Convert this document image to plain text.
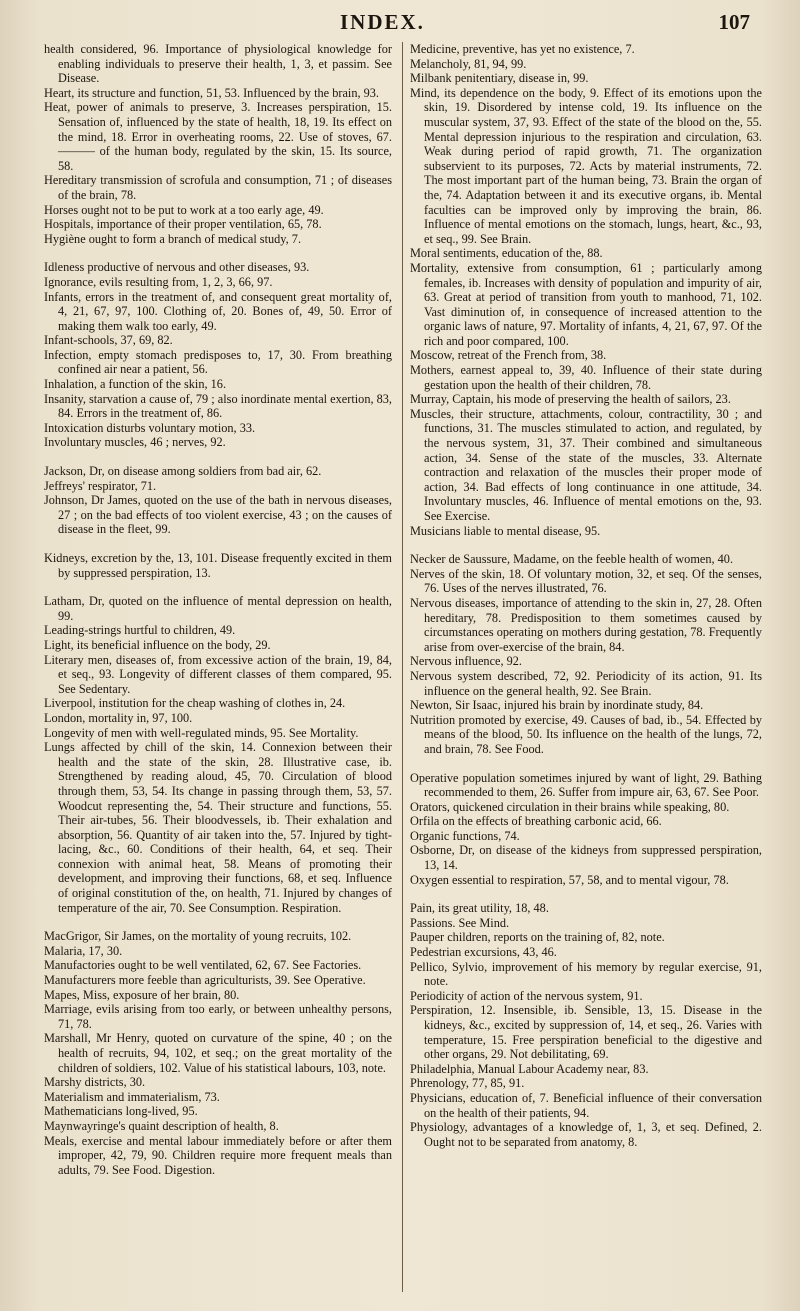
INDEX.	107
health considered, 96. Importance of physiological knowledge for enabling individuals to preserve their health, 1, 3, et passim. See Disease.
Heart, its structure and function, 51, 53. Influenced by the brain, 93.
Heat, power of animals to preserve, 3. Increases perspiration, 15. Sensation of, influenced by the state of health, 18, 19. Its effect on the mind, 18. Error in overheating rooms, 22. Use of stoves, 67. ——— of the human body, regulated by the skin, 15. Its source, 58.
Hereditary transmission of scrofula and consumption, 71 ; of diseases of the brain, 78.
Horses ought not to be put to work at a too early age, 49.
Hospitals, importance of their proper ventilation, 65, 78.
Hygiène ought to form a branch of medical study, 7.
Idleness productive of nervous and other diseases, 93.
Ignorance, evils resulting from, 1, 2, 3, 66, 97.
Infants, errors in the treatment of, and consequent great mortality of, 4, 21, 67, 97, 100. Clothing of, 20. Bones of, 49, 50. Error of making them walk too early, 49.
Infant-schools, 37, 69, 82.
Infection, empty stomach predisposes to, 17, 30. From breathing confined air near a patient, 56.
Inhalation, a function of the skin, 16.
Insanity, starvation a cause of, 79 ; also inordinate mental exertion, 83, 84. Errors in the treatment of, 86.
Intoxication disturbs voluntary motion, 33.
Involuntary muscles, 46 ; nerves, 92.
Jackson, Dr, on disease among soldiers from bad air, 62.
Jeffreys' respirator, 71.
Johnson, Dr James, quoted on the use of the bath in nervous diseases, 27 ; on the bad effects of too violent exercise, 43 ; on the causes of disease in the fleet, 99.
Kidneys, excretion by the, 13, 101. Disease frequently excited in them by suppressed perspiration, 13.
Latham, Dr, quoted on the influence of mental depression on health, 99.
Leading-strings hurtful to children, 49.
Light, its beneficial influence on the body, 29.
Literary men, diseases of, from excessive action of the brain, 19, 84, et seq., 93. Longevity of different classes of them compared, 95. See Sedentary.
Liverpool, institution for the cheap washing of clothes in, 24.
London, mortality in, 97, 100.
Longevity of men with well-regulated minds, 95. See Mortality.
Lungs affected by chill of the skin, 14. Connexion between their health and the state of the skin, 28. Illustrative case, ib. Strengthened by reading aloud, 45, 70. Circulation of blood through them, 53, 54. Its change in passing through them, 53, 57. Woodcut representing the, 54. Their structure and functions, 55. Their air-tubes, 56. Their bloodvessels, ib. Their exhalation and absorption, 56. Quantity of air taken into the, 57. Injured by tight-lacing, &c., 60. Conditions of their health, 64, et seq. Their connexion with animal heat, 58. Means of promoting their development, and improving their functions, 68, et seq. Influence of original constitution of the, on health, 71. Injured by changes of temperature of the air, 70. See Consumption. Respiration.
MacGrigor, Sir James, on the mortality of young recruits, 102.
Malaria, 17, 30.
Manufactories ought to be well ventilated, 62, 67. See Factories.
Manufacturers more feeble than agriculturists, 39. See Operative.
Mapes, Miss, exposure of her brain, 80.
Marriage, evils arising from too early, or between unhealthy persons, 71, 78.
Marshall, Mr Henry, quoted on curvature of the spine, 40 ; on the health of recruits, 94, 102, et seq.; on the great mortality of the children of soldiers, 102. Value of his statistical labours, 103, note.
Marshy districts, 30.
Materialism and immaterialism, 73.
Mathematicians long-lived, 95.
Maynwayringe's quaint description of health, 8.
Meals, exercise and mental labour immediately before or after them improper, 42, 79, 90. Children require more frequent meals than adults, 79. See Food. Digestion.
Medicine, preventive, has yet no existence, 7.
Melancholy, 81, 94, 99.
Milbank penitentiary, disease in, 99.
Mind, its dependence on the body, 9. Effect of its emotions upon the skin, 19. Disordered by intense cold, 19. Its influence on the muscular system, 37, 93. Effect of the state of the blood on the, 55. Mental depression injurious to the respiration and circulation, 63. Weak during period of rapid growth, 71. The organization subservient to its purposes, 72. Acts by material instruments, 72. The most important part of the human being, 73. Brain the organ of the, 74. Adaptation between it and its executive organs, ib. Mental faculties can be improved only by improving the brain, 86. Influence of mental emotions on the stomach, lungs, heart, &c., 93, et seq., 99. See Brain.
Moral sentiments, education of the, 88.
Mortality, extensive from consumption, 61 ; particularly among females, ib. Increases with density of population and impurity of air, 63. Great at period of transition from youth to manhood, 71, 102. Vast diminution of, in consequence of increased attention to the organic laws of nature, 97. Mortality of infants, 4, 21, 67, 97. Of the rich and poor compared, 100.
Moscow, retreat of the French from, 38.
Mothers, earnest appeal to, 39, 40. Influence of their state during gestation upon the health of their children, 78.
Murray, Captain, his mode of preserving the health of sailors, 23.
Muscles, their structure, attachments, colour, contractility, 30 ; and functions, 31. The muscles stimulated to action, and regulated, by the nervous system, 31, 37. Their combined and simultaneous action, 34. Sense of the state of the muscles, 33. Alternate contraction and relaxation of the muscles their proper mode of action, 34. Bad effects of long continuance in one attitude, 34. Involuntary muscles, 46. Influence of mental emotions on the, 93. See Exercise.
Musicians liable to mental disease, 95.
Necker de Saussure, Madame, on the feeble health of women, 40.
Nerves of the skin, 18. Of voluntary motion, 32, et seq. Of the senses, 76. Uses of the nerves illustrated, 76.
Nervous diseases, importance of attending to the skin in, 27, 28. Often hereditary, 78. Predisposition to them sometimes caused by circumstances operating on mothers during gestation, 78. Frequently arise from over-exercise of the brain, 84.
Nervous influence, 92.
Nervous system described, 72, 92. Periodicity of its action, 91. Its influence on the general health, 92. See Brain.
Newton, Sir Isaac, injured his brain by inordinate study, 84.
Nutrition promoted by exercise, 49. Causes of bad, ib., 54. Effected by means of the blood, 50. Its influence on the health of the lungs, 72, and brain, 78. See Food.
Operative population sometimes injured by want of light, 29. Bathing recommended to them, 26. Suffer from impure air, 63, 67. See Poor.
Orators, quickened circulation in their brains while speaking, 80.
Orfila on the effects of breathing carbonic acid, 66.
Organic functions, 74.
Osborne, Dr, on disease of the kidneys from suppressed perspiration, 13, 14.
Oxygen essential to respiration, 57, 58, and to mental vigour, 78.
Pain, its great utility, 18, 48.
Passions. See Mind.
Pauper children, reports on the training of, 82, note.
Pedestrian excursions, 43, 46.
Pellico, Sylvio, improvement of his memory by regular exercise, 91, note.
Periodicity of action of the nervous system, 91.
Perspiration, 12. Insensible, ib. Sensible, 13, 15. Disease in the kidneys, &c., excited by suppression of, 14, et seq., 26. Varies with temperature, 15. Free perspiration beneficial to the digestive and other organs, 29. Not debilitating, 69.
Philadelphia, Manual Labour Academy near, 83.
Phrenology, 77, 85, 91.
Physicians, education of, 7. Beneficial influence of their conversation on the health of their patients, 94.
Physiology, advantages of a knowledge of, 1, 3, et seq. Defined, 2. Ought not to be separated from anatomy, 8.
